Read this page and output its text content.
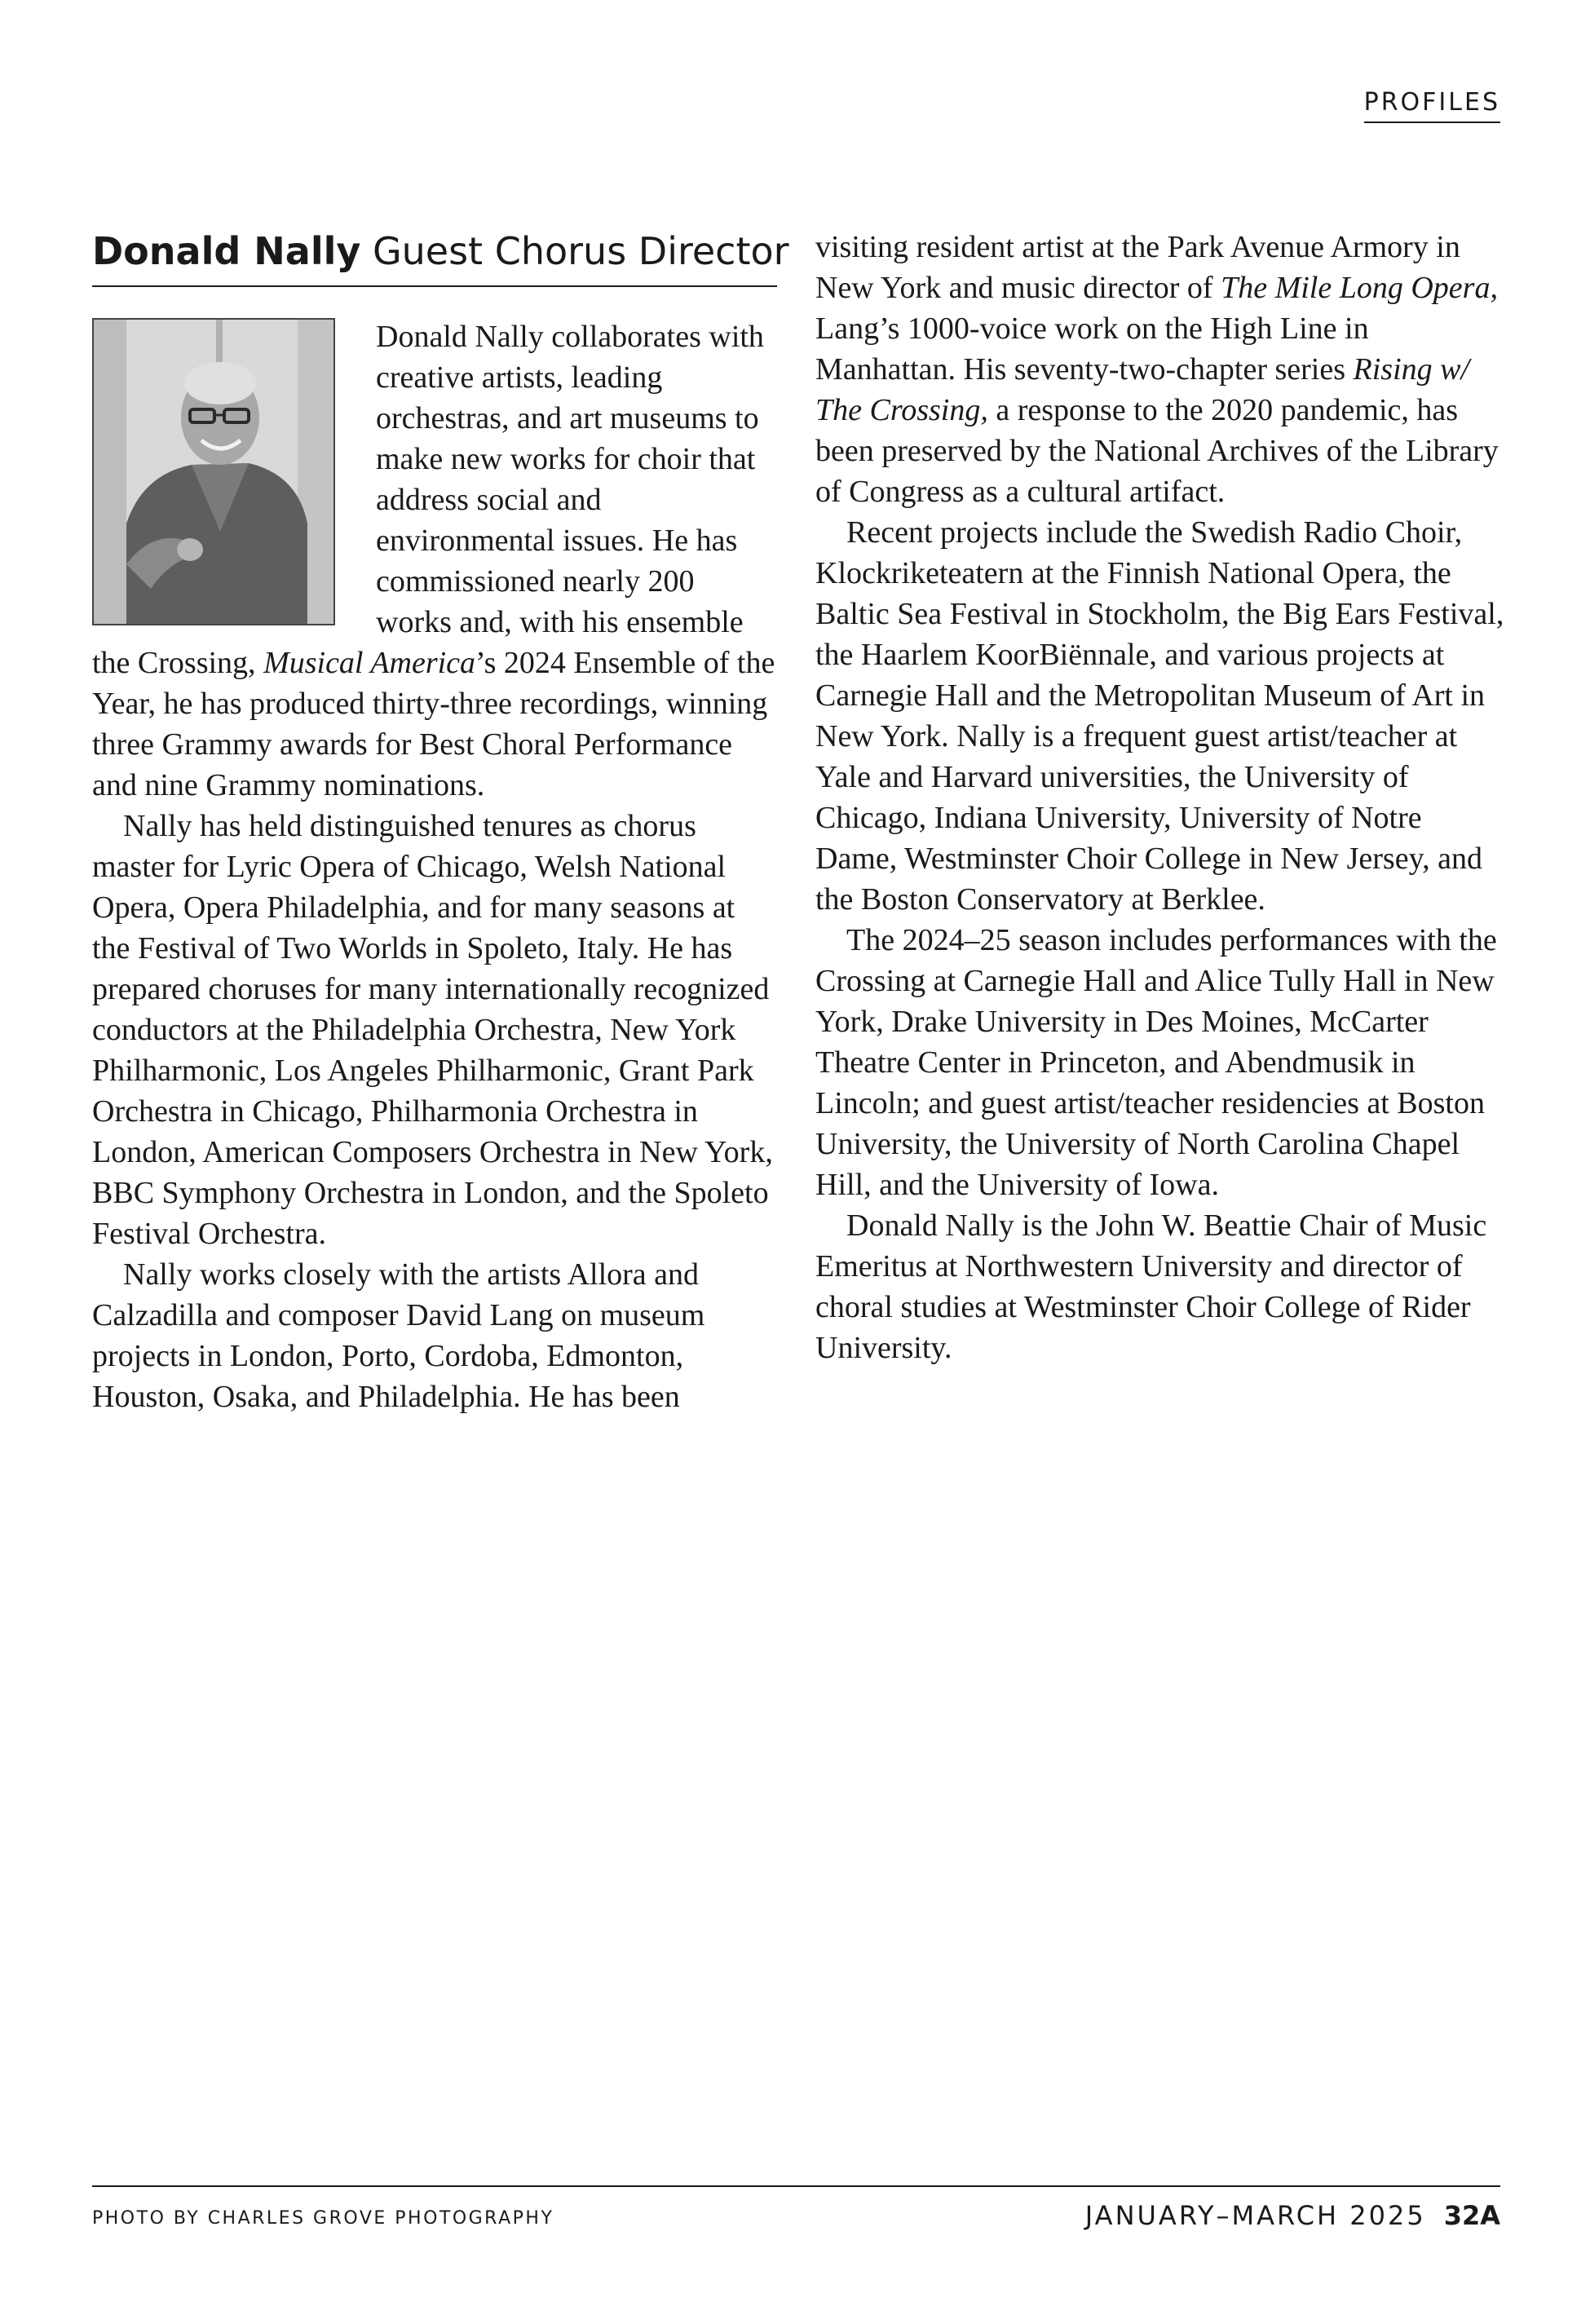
PROFILES
Donald Nally Guest Chorus Director

Donald Nally collaborates with creative artists, leading orchestras, and art museums to make new works for choir that address social and environmental issues. He has commissioned nearly 200 works and, with his ensemble the Crossing, Musical America’s 2024 Ensemble of the Year, he has produced thirty-three recordings, winning three Grammy awards for Best Choral Performance and nine Grammy nominations.

Nally has held distinguished tenures as chorus master for Lyric Opera of Chicago, Welsh National Opera, Opera Philadelphia, and for many seasons at the Festival of Two Worlds in Spoleto, Italy. He has prepared choruses for many internationally recognized conductors at the Philadelphia Orchestra, New York Philharmonic, Los Angeles Philharmonic, Grant Park Orchestra in Chicago, Philharmonia Orchestra in London, American Composers Orchestra in New York, BBC Symphony Orchestra in London, and the Spoleto Festival Orchestra.

Nally works closely with the artists Allora and Calzadilla and composer David Lang on museum projects in London, Porto, Cordoba, Edmonton, Houston, Osaka, and Philadelphia. He has been

visiting resident artist at the Park Avenue Armory in New York and music director of The Mile Long Opera, Lang’s 1000-voice work on the High Line in Manhattan. His seventy-two-chapter series Rising w/ The Crossing, a response to the 2020 pandemic, has been preserved by the National Archives of the Library of Congress as a cultural artifact.

Recent projects include the Swedish Radio Choir, Klockriketeatern at the Finnish National Opera, the Baltic Sea Festival in Stockholm, the Big Ears Festival, the Haarlem KoorBiënnale, and various projects at Carnegie Hall and the Metropolitan Museum of Art in New York. Nally is a frequent guest artist/teacher at Yale and Harvard universities, the University of Chicago, Indiana University, University of Notre Dame, Westminster Choir College in New Jersey, and the Boston Conservatory at Berklee.

The 2024–25 season includes performances with the Crossing at Carnegie Hall and Alice Tully Hall in New York, Drake University in Des Moines, McCarter Theatre Center in Princeton, and Abendmusik in Lincoln; and guest artist/teacher residencies at Boston University, the University of North Carolina Chapel Hill, and the University of Iowa.

Donald Nally is the John W. Beattie Chair of Music Emeritus at Northwestern University and director of choral studies at Westminster Choir College of Rider University.

PHOTO BY CHARLES GROVE PHOTOGRAPHY	JANUARY–MARCH 2025 32A
